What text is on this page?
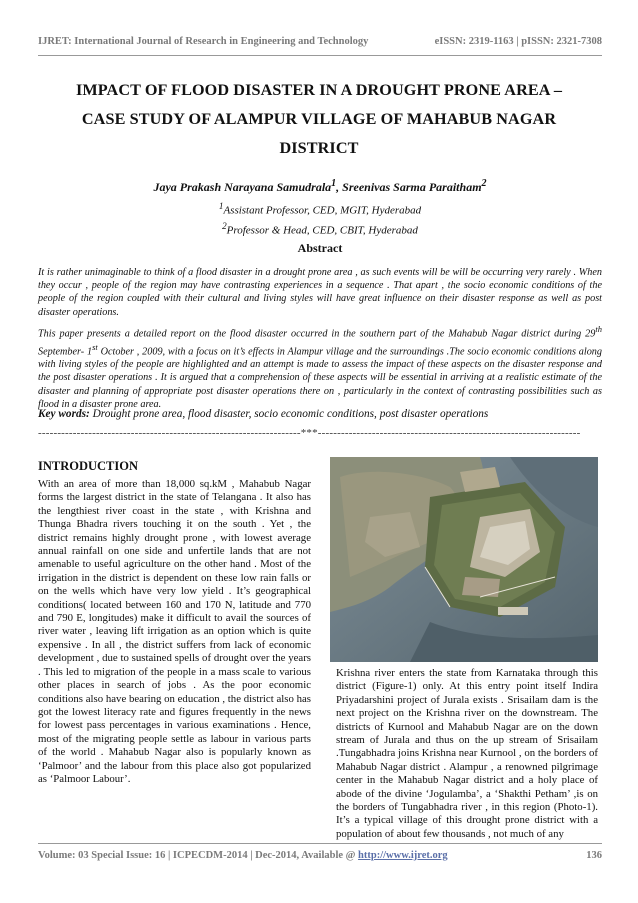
IJRET: International Journal of Research in Engineering and Technology	eISSN: 2319-1163 | pISSN: 2321-7308
IMPACT OF FLOOD DISASTER IN A DROUGHT PRONE AREA –
CASE STUDY OF ALAMPUR VILLAGE OF MAHABUB NAGAR
DISTRICT
Jaya Prakash Narayana Samudrala$^1$, Sreenivas Sarma Paraitham$^2$
$^1$Assistant Professor, CED, MGIT, Hyderabad
$^2$Professor & Head, CED, CBIT, Hyderabad
Abstract
It is rather unimaginable to think of a flood disaster in a drought prone area , as such events will be will be occurring very rarely . When they occur , people of the region may have contrasting experiences in a sequence . That apart , the socio economic conditions of the people of the region coupled with their cultural and living styles will have great influence on their disaster response as well as post disaster operations.
This paper presents a detailed report on the flood disaster occurred in the southern part of the Mahabub Nagar district during 29th September- 1st October , 2009, with a focus on it’s effects in Alampur village and the surroundings .The socio economic conditions along with living styles of the people are highlighted and an attempt is made to assess the impact of these aspects on the disaster response and the post disaster operations . It is argued that a comprehension of these aspects will be essential in arriving at a realistic estimate of the disaster and planning of appropriate post disaster operations there on , particularly in the context of contrasting possibilities such as flood in a disaster prone area.
Key words: Drought prone area, flood disaster, socio economic conditions, post disaster operations
--------------------------------------------------------------------***--------------------------------------------------------------------
INTRODUCTION
With an area of more than 18,000 sq.kM , Mahabub Nagar forms the largest district in the state of Telangana . It also has the lengthiest river coast in the state , with Krishna and Thunga Bhadra rivers touching it on the south . Yet , the district remains highly drought prone , with lowest average annual rainfall on one side and unfertile lands that are not amenable to useful agriculture on the other hand . Most of the irrigation in the district is dependent on these low rain falls or on the wells which have very low yield . It’s geographical conditions( located between 160 and 170 N, latitude and 770 and 790 E, longitudes) make it difficult to avail the sources of river water , leaving lift irrigation as an option which is quite expensive . In all , the district suffers from lack of economic development , due to sustained spells of drought over the years . This led to migration of the people in a mass scale to various other places in search of jobs . As the poor economic conditions also have bearing on education , the district also has got the lowest literacy rate and figures frequently in the news for lowest pass percentages in various examinations . Hence, most of the migrating people settle as labour in various parts of the world . Mahabub Nagar also is popularly known as ‘Palmoor’ and the labour from this place also got popularized as ‘Palmoor Labour’.
Krishna river enters the state from Karnataka through this district (Figure-1) only. At this entry point itself Indira Priyadarshini project of Jurala exists . Srisailam dam is the next project on the Krishna river on the downstream. The districts of Kurnool and Mahabub Nagar are on the down stream of Jurala and thus on the up stream of Srisailam .Tungabhadra joins Krishna near Kurnool , on the borders of Mahabub Nagar district . Alampur , a renowned pilgrimage center in the Mahabub Nagar district and a holy place of abode of the divine ‘Jogulamba’, a ‘Shakthi Petham’ ,is on the borders of Tungabhadra river , in this region (Photo-1). It’s a typical village of this drought prone district with a population of about few thousands , not much of any
Volume: 03 Special Issue: 16 | ICPECDM-2014 | Dec-2014, Available @ http://www.ijret.org	136
